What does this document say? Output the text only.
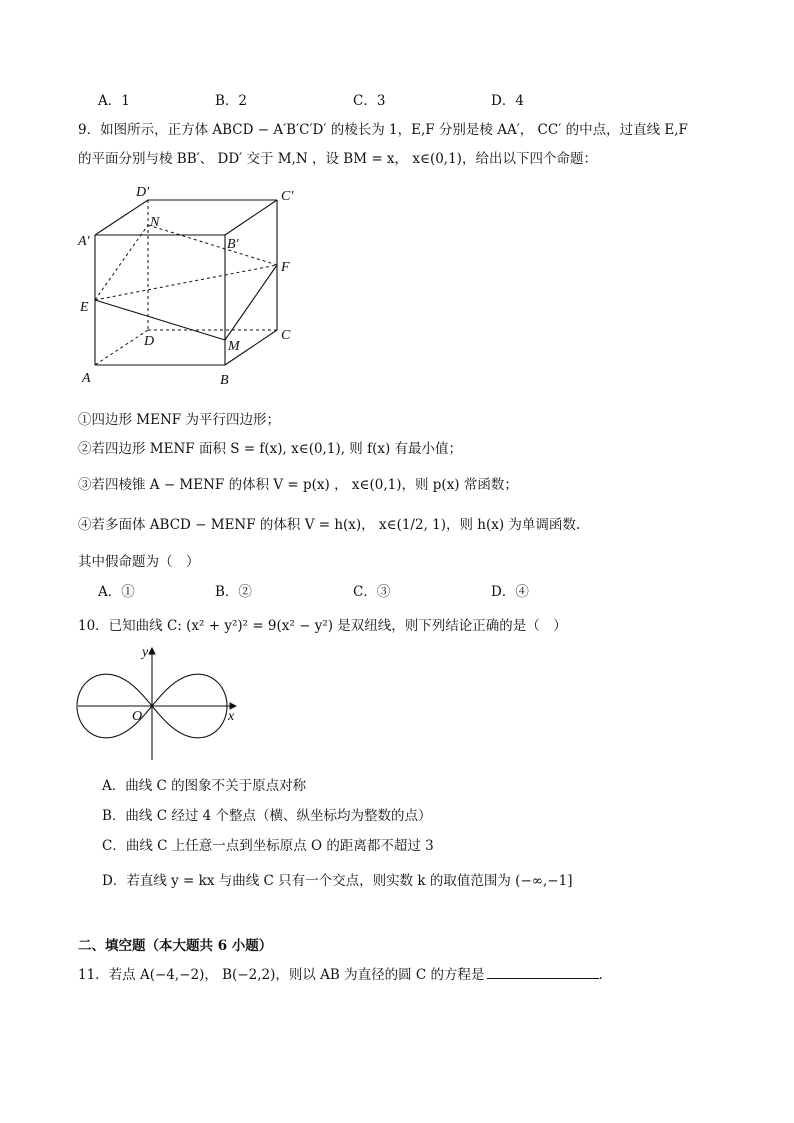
A．1	B．2	C．3	D．4
9．如图所示，正方体 ABCD − A′B′C′D′ 的棱长为 1，E,F 分别是棱 AA′， CC′ 的中点，过直线 E,F
的平面分别与棱 BB′、 DD′ 交于 M,N ，设 BM = x， x∈(0,1)，给出以下四个命题：
D′	C′
N
A′	B′
F
E
D	C
M
A	B
①四边形 MENF 为平行四边形；
②若四边形 MENF 面积 S = f(x), x∈(0,1), 则 f(x) 有最小值；
③若四棱锥 A − MENF 的体积 V = p(x) ， x∈(0,1)，则 p(x) 常函数；
④若多面体 ABCD − MENF 的体积 V = h(x)， x∈(1/2, 1)，则 h(x) 为单调函数.
其中假命题为（　）
A．①	B．②	C．③	D．④
10．已知曲线 C: (x² + y²)² = 9(x² − y²) 是双纽线，则下列结论正确的是（　）
y
O	x
A．曲线 C 的图象不关于原点对称
B．曲线 C 经过 4 个整点（横、纵坐标均为整数的点）
C．曲线 C 上任意一点到坐标原点 O 的距离都不超过 3
D．若直线 y = kx 与曲线 C 只有一个交点，则实数 k 的取值范围为 (−∞,−1]
二、填空题（本大题共 6 小题）
11．若点 A(−4,−2)， B(−2,2)，则以 AB 为直径的圆 C 的方程是	.
